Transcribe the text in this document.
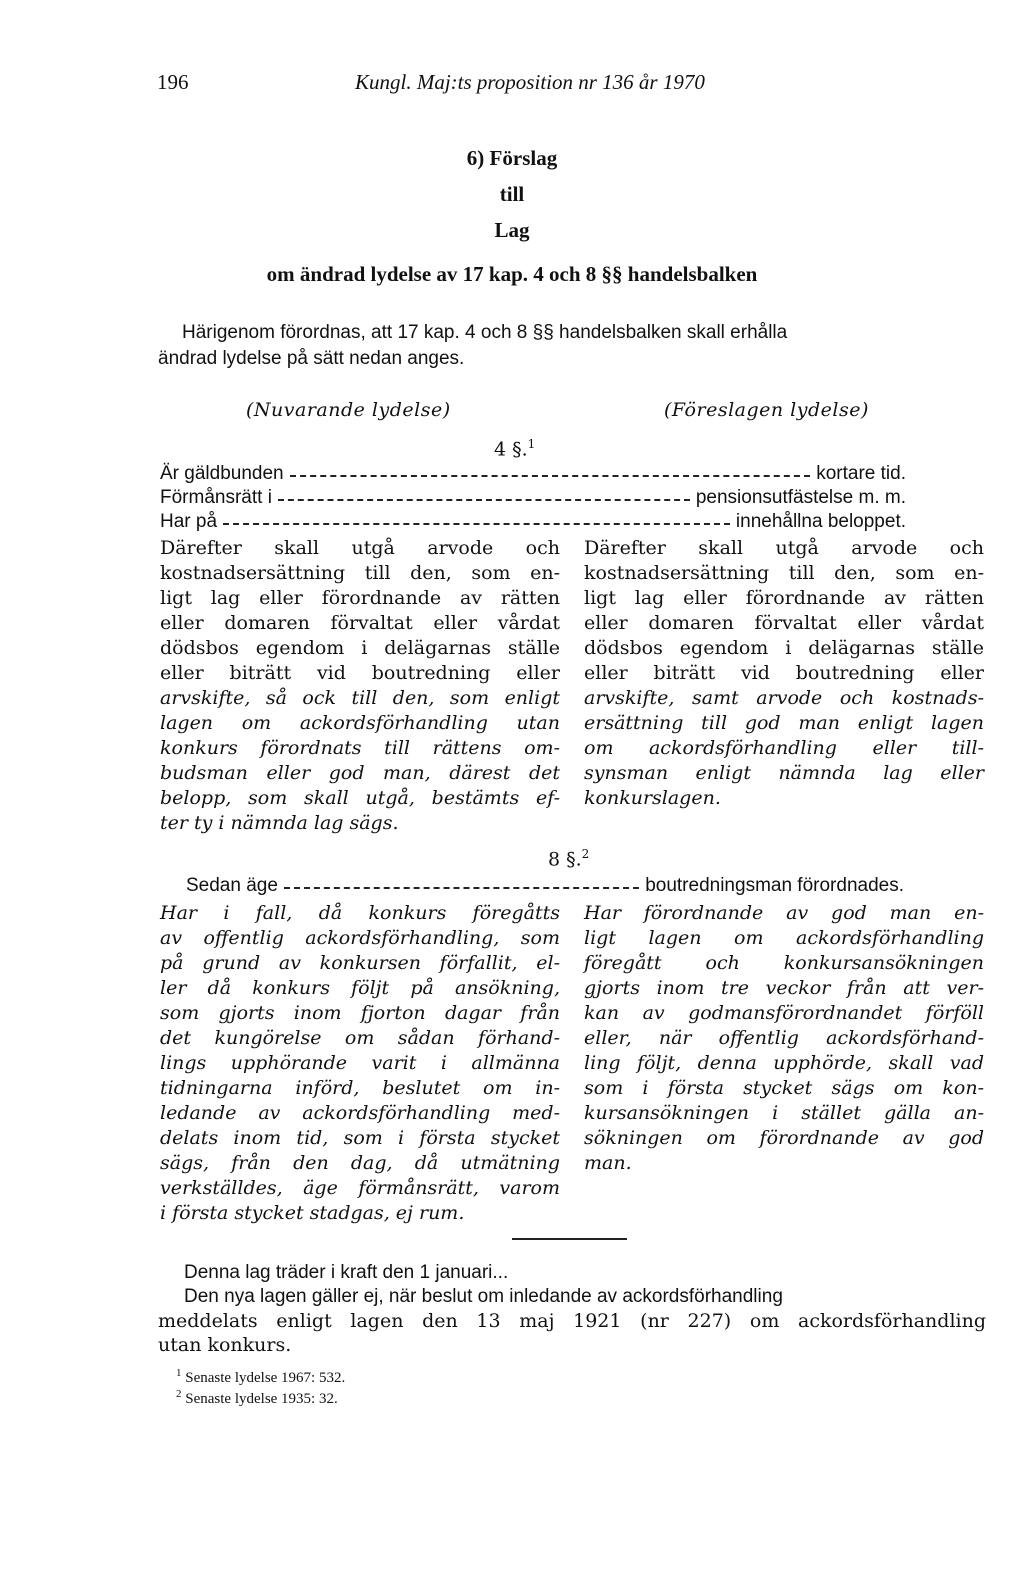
196	Kungl. Maj:ts proposition nr 136 år 1970
6) Förslag
till
Lag
om ändrad lydelse av 17 kap. 4 och 8 §§ handelsbalken
Härigenom förordnas, att 17 kap. 4 och 8 §§ handelsbalken skall erhålla
ändrad lydelse på sätt nedan anges.
(Nuvarande lydelse)	(Föreslagen lydelse)
4 §.$^1$
Är gäldbunden	kortare tid.
Förmånsrätt i	pensionsutfästelse m. m.
Har på	innehållna beloppet.
Därefter skall utgå arvode och
kostnadsersättning till den, som en-
ligt lag eller förordnande av rätten
eller domaren förvaltat eller vårdat
dödsbos egendom i delägarnas ställe
eller biträtt vid boutredning eller
arvskifte, så ock till den, som enligt
lagen om ackordsförhandling utan
konkurs förordnats till rättens om-
budsman eller god man, därest det
belopp, som skall utgå, bestämts ef-
ter ty i nämnda lag sägs.
Därefter skall utgå arvode och
kostnadsersättning till den, som en-
ligt lag eller förordnande av rätten
eller domaren förvaltat eller vårdat
dödsbos egendom i delägarnas ställe
eller biträtt vid boutredning eller
arvskifte, samt arvode och kostnads-
ersättning till god man enligt lagen
om ackordsförhandling eller till-
synsman enligt nämnda lag eller
konkurslagen.
8 §.$^2$
Sedan äge	boutredningsman förordnades.
Har i fall, då konkurs föregåtts
av offentlig ackordsförhandling, som
på grund av konkursen förfallit, el-
ler då konkurs följt på ansökning,
som gjorts inom fjorton dagar från
det kungörelse om sådan förhand-
lings upphörande varit i allmänna
tidningarna införd, beslutet om in-
ledande av ackordsförhandling med-
delats inom tid, som i första stycket
sägs, från den dag, då utmätning
verkställdes, äge förmånsrätt, varom
i första stycket stadgas, ej rum.
Har förordnande av god man en-
ligt lagen om ackordsförhandling
föregått och konkursansökningen
gjorts inom tre veckor från att ver-
kan av godmansförordnandet förföll
eller, när offentlig ackordsförhand-
ling följt, denna upphörde, skall vad
som i första stycket sägs om kon-
kursansökningen i stället gälla an-
sökningen om förordnande av god
man.
Denna lag träder i kraft den 1 januari...
Den nya lagen gäller ej, när beslut om inledande av ackordsförhandling
meddelats enligt lagen den 13 maj 1921 (nr 227) om ackordsförhandling
utan konkurs.
$^1$ Senaste lydelse 1967: 532.
$^2$ Senaste lydelse 1935: 32.
